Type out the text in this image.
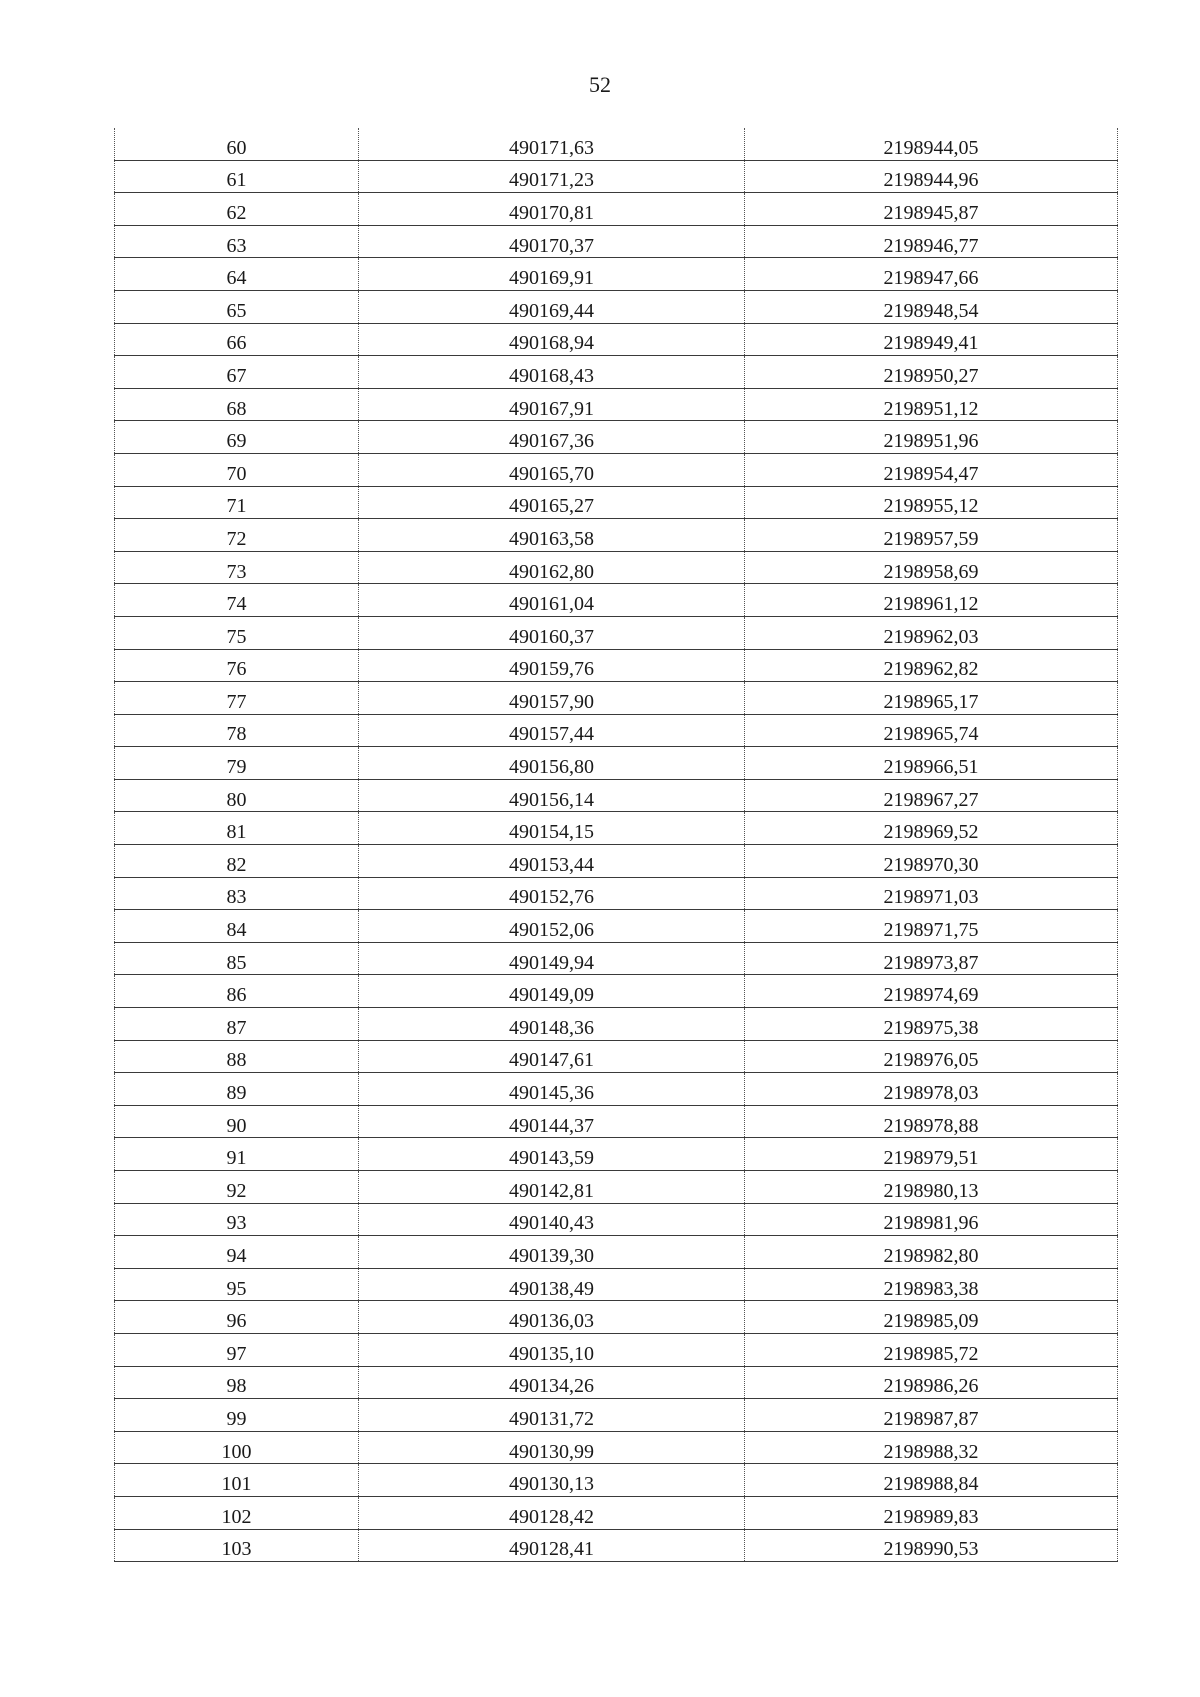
52
60	490171,63	2198944,05
61	490171,23	2198944,96
62	490170,81	2198945,87
63	490170,37	2198946,77
64	490169,91	2198947,66
65	490169,44	2198948,54
66	490168,94	2198949,41
67	490168,43	2198950,27
68	490167,91	2198951,12
69	490167,36	2198951,96
70	490165,70	2198954,47
71	490165,27	2198955,12
72	490163,58	2198957,59
73	490162,80	2198958,69
74	490161,04	2198961,12
75	490160,37	2198962,03
76	490159,76	2198962,82
77	490157,90	2198965,17
78	490157,44	2198965,74
79	490156,80	2198966,51
80	490156,14	2198967,27
81	490154,15	2198969,52
82	490153,44	2198970,30
83	490152,76	2198971,03
84	490152,06	2198971,75
85	490149,94	2198973,87
86	490149,09	2198974,69
87	490148,36	2198975,38
88	490147,61	2198976,05
89	490145,36	2198978,03
90	490144,37	2198978,88
91	490143,59	2198979,51
92	490142,81	2198980,13
93	490140,43	2198981,96
94	490139,30	2198982,80
95	490138,49	2198983,38
96	490136,03	2198985,09
97	490135,10	2198985,72
98	490134,26	2198986,26
99	490131,72	2198987,87
100	490130,99	2198988,32
101	490130,13	2198988,84
102	490128,42	2198989,83
103	490128,41	2198990,53
